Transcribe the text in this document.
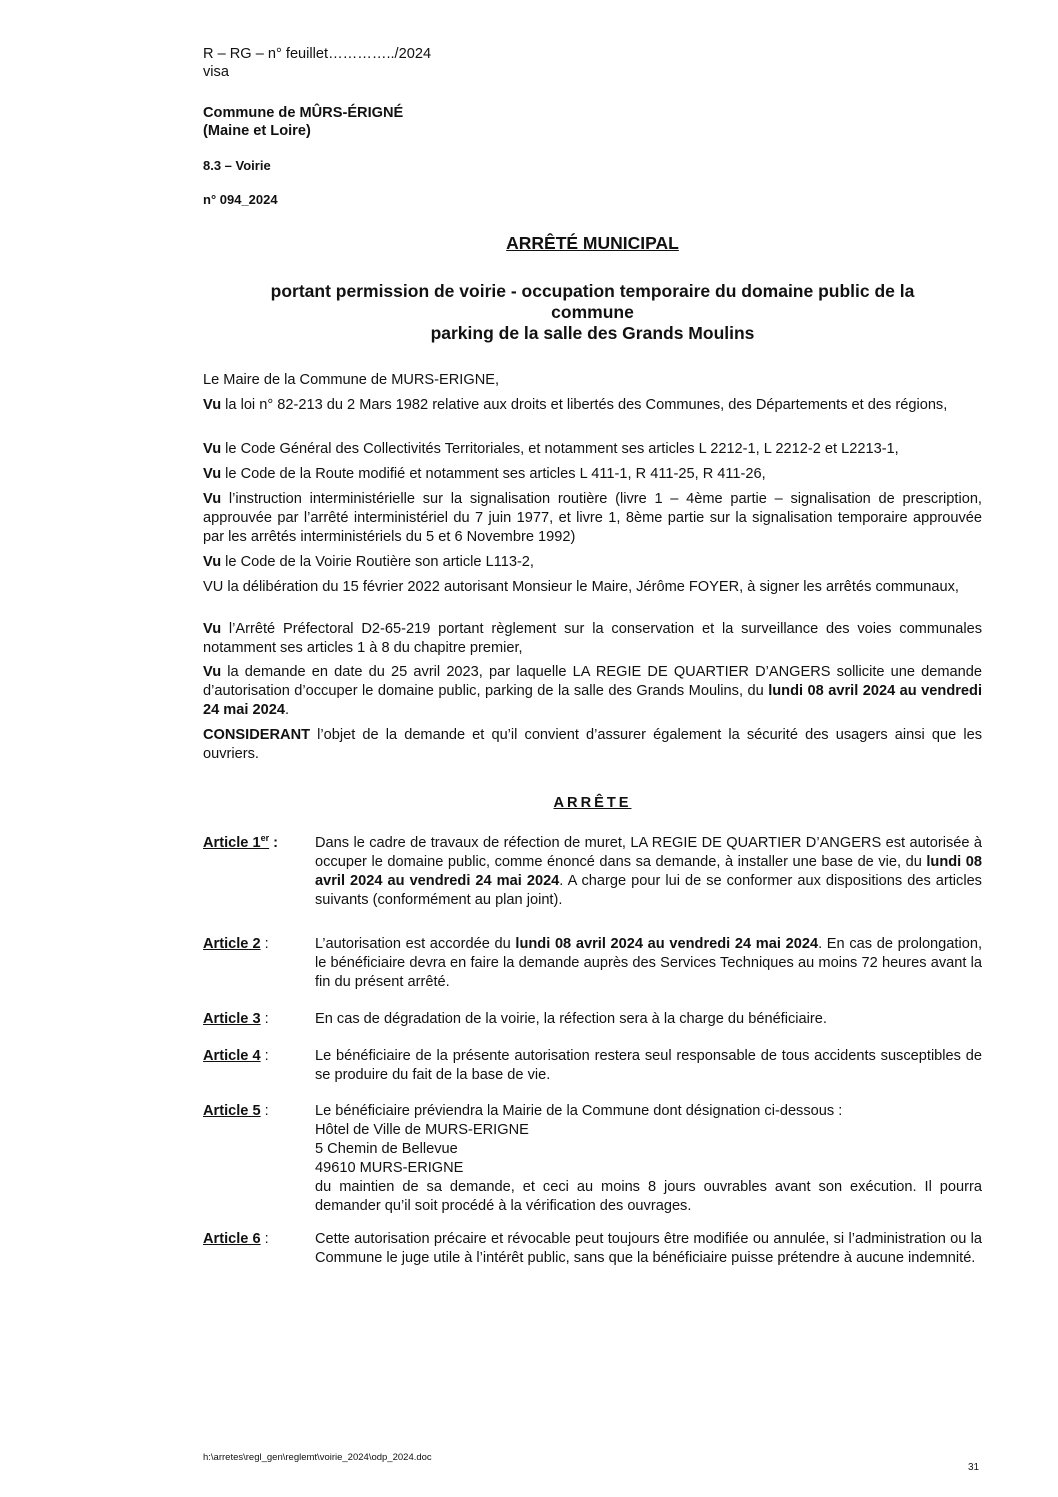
R – RG – n° feuillet…………../2024
visa
Commune de MÛRS-ÉRIGNÉ
(Maine et Loire)
8.3 – Voirie
n° 094_2024
ARRÊTÉ MUNICIPAL
portant permission de voirie - occupation temporaire du domaine public de la
commune
parking de la salle des Grands Moulins
Le Maire de la Commune de MURS-ERIGNE,
Vu la loi n° 82-213 du 2 Mars 1982 relative aux droits et libertés des Communes, des Départements et des régions,
Vu le Code Général des Collectivités Territoriales, et notamment ses articles L 2212-1, L 2212-2 et L2213-1,
Vu le Code de la Route modifié et notamment ses articles L 411-1, R 411-25, R 411-26,
Vu l’instruction interministérielle sur la signalisation routière (livre 1 – 4ème partie – signalisation de prescription, approuvée par l’arrêté interministériel du 7 juin 1977, et livre 1, 8ème partie sur la signalisation temporaire approuvée par les arrêtés interministériels du 5 et 6 Novembre 1992)
Vu le Code de la Voirie Routière son article L113-2,
VU la délibération du 15 février 2022 autorisant Monsieur le Maire, Jérôme FOYER, à signer les arrêtés communaux,
Vu l’Arrêté Préfectoral D2-65-219 portant règlement sur la conservation et la surveillance des voies communales notamment ses articles 1 à 8 du chapitre premier,
Vu la demande en date du 25 avril 2023, par laquelle LA REGIE DE QUARTIER D’ANGERS sollicite une demande d’autorisation d’occuper le domaine public, parking de la salle des Grands Moulins, du lundi 08 avril 2024 au vendredi 24 mai 2024.
CONSIDERANT l’objet de la demande et qu’il convient d’assurer également la sécurité des usagers ainsi que les ouvriers.
ARRÊTE
Article 1er :	Dans le cadre de travaux de réfection de muret, LA REGIE DE QUARTIER D’ANGERS est autorisée à occuper le domaine public, comme énoncé dans sa demande, à installer une base de vie, du lundi 08 avril 2024 au vendredi 24 mai 2024. A charge pour lui de se conformer aux dispositions des articles suivants (conformément au plan joint).
Article 2 :	L’autorisation est accordée du lundi 08 avril 2024 au vendredi 24 mai 2024. En cas de prolongation, le bénéficiaire devra en faire la demande auprès des Services Techniques au moins 72 heures avant la fin du présent arrêté.
Article 3 :	En cas de dégradation de la voirie, la réfection sera à la charge du bénéficiaire.
Article 4 :	Le bénéficiaire de la présente autorisation restera seul responsable de tous accidents susceptibles de se produire du fait de la base de vie.
Article 5 :	Le bénéficiaire préviendra la Mairie de la Commune dont désignation ci-dessous :
Hôtel de Ville de MURS-ERIGNE
5 Chemin de Bellevue
49610 MURS-ERIGNE
du maintien de sa demande, et ceci au moins 8 jours ouvrables avant son exécution. Il pourra demander qu’il soit procédé à la vérification des ouvrages.
Article 6 :	Cette autorisation précaire et révocable peut toujours être modifiée ou annulée, si l’administration ou la Commune le juge utile à l’intérêt public, sans que la bénéficiaire puisse prétendre à aucune indemnité.
h:\arretes\regl_gen\reglemt\voirie_2024\odp_2024.doc
31
